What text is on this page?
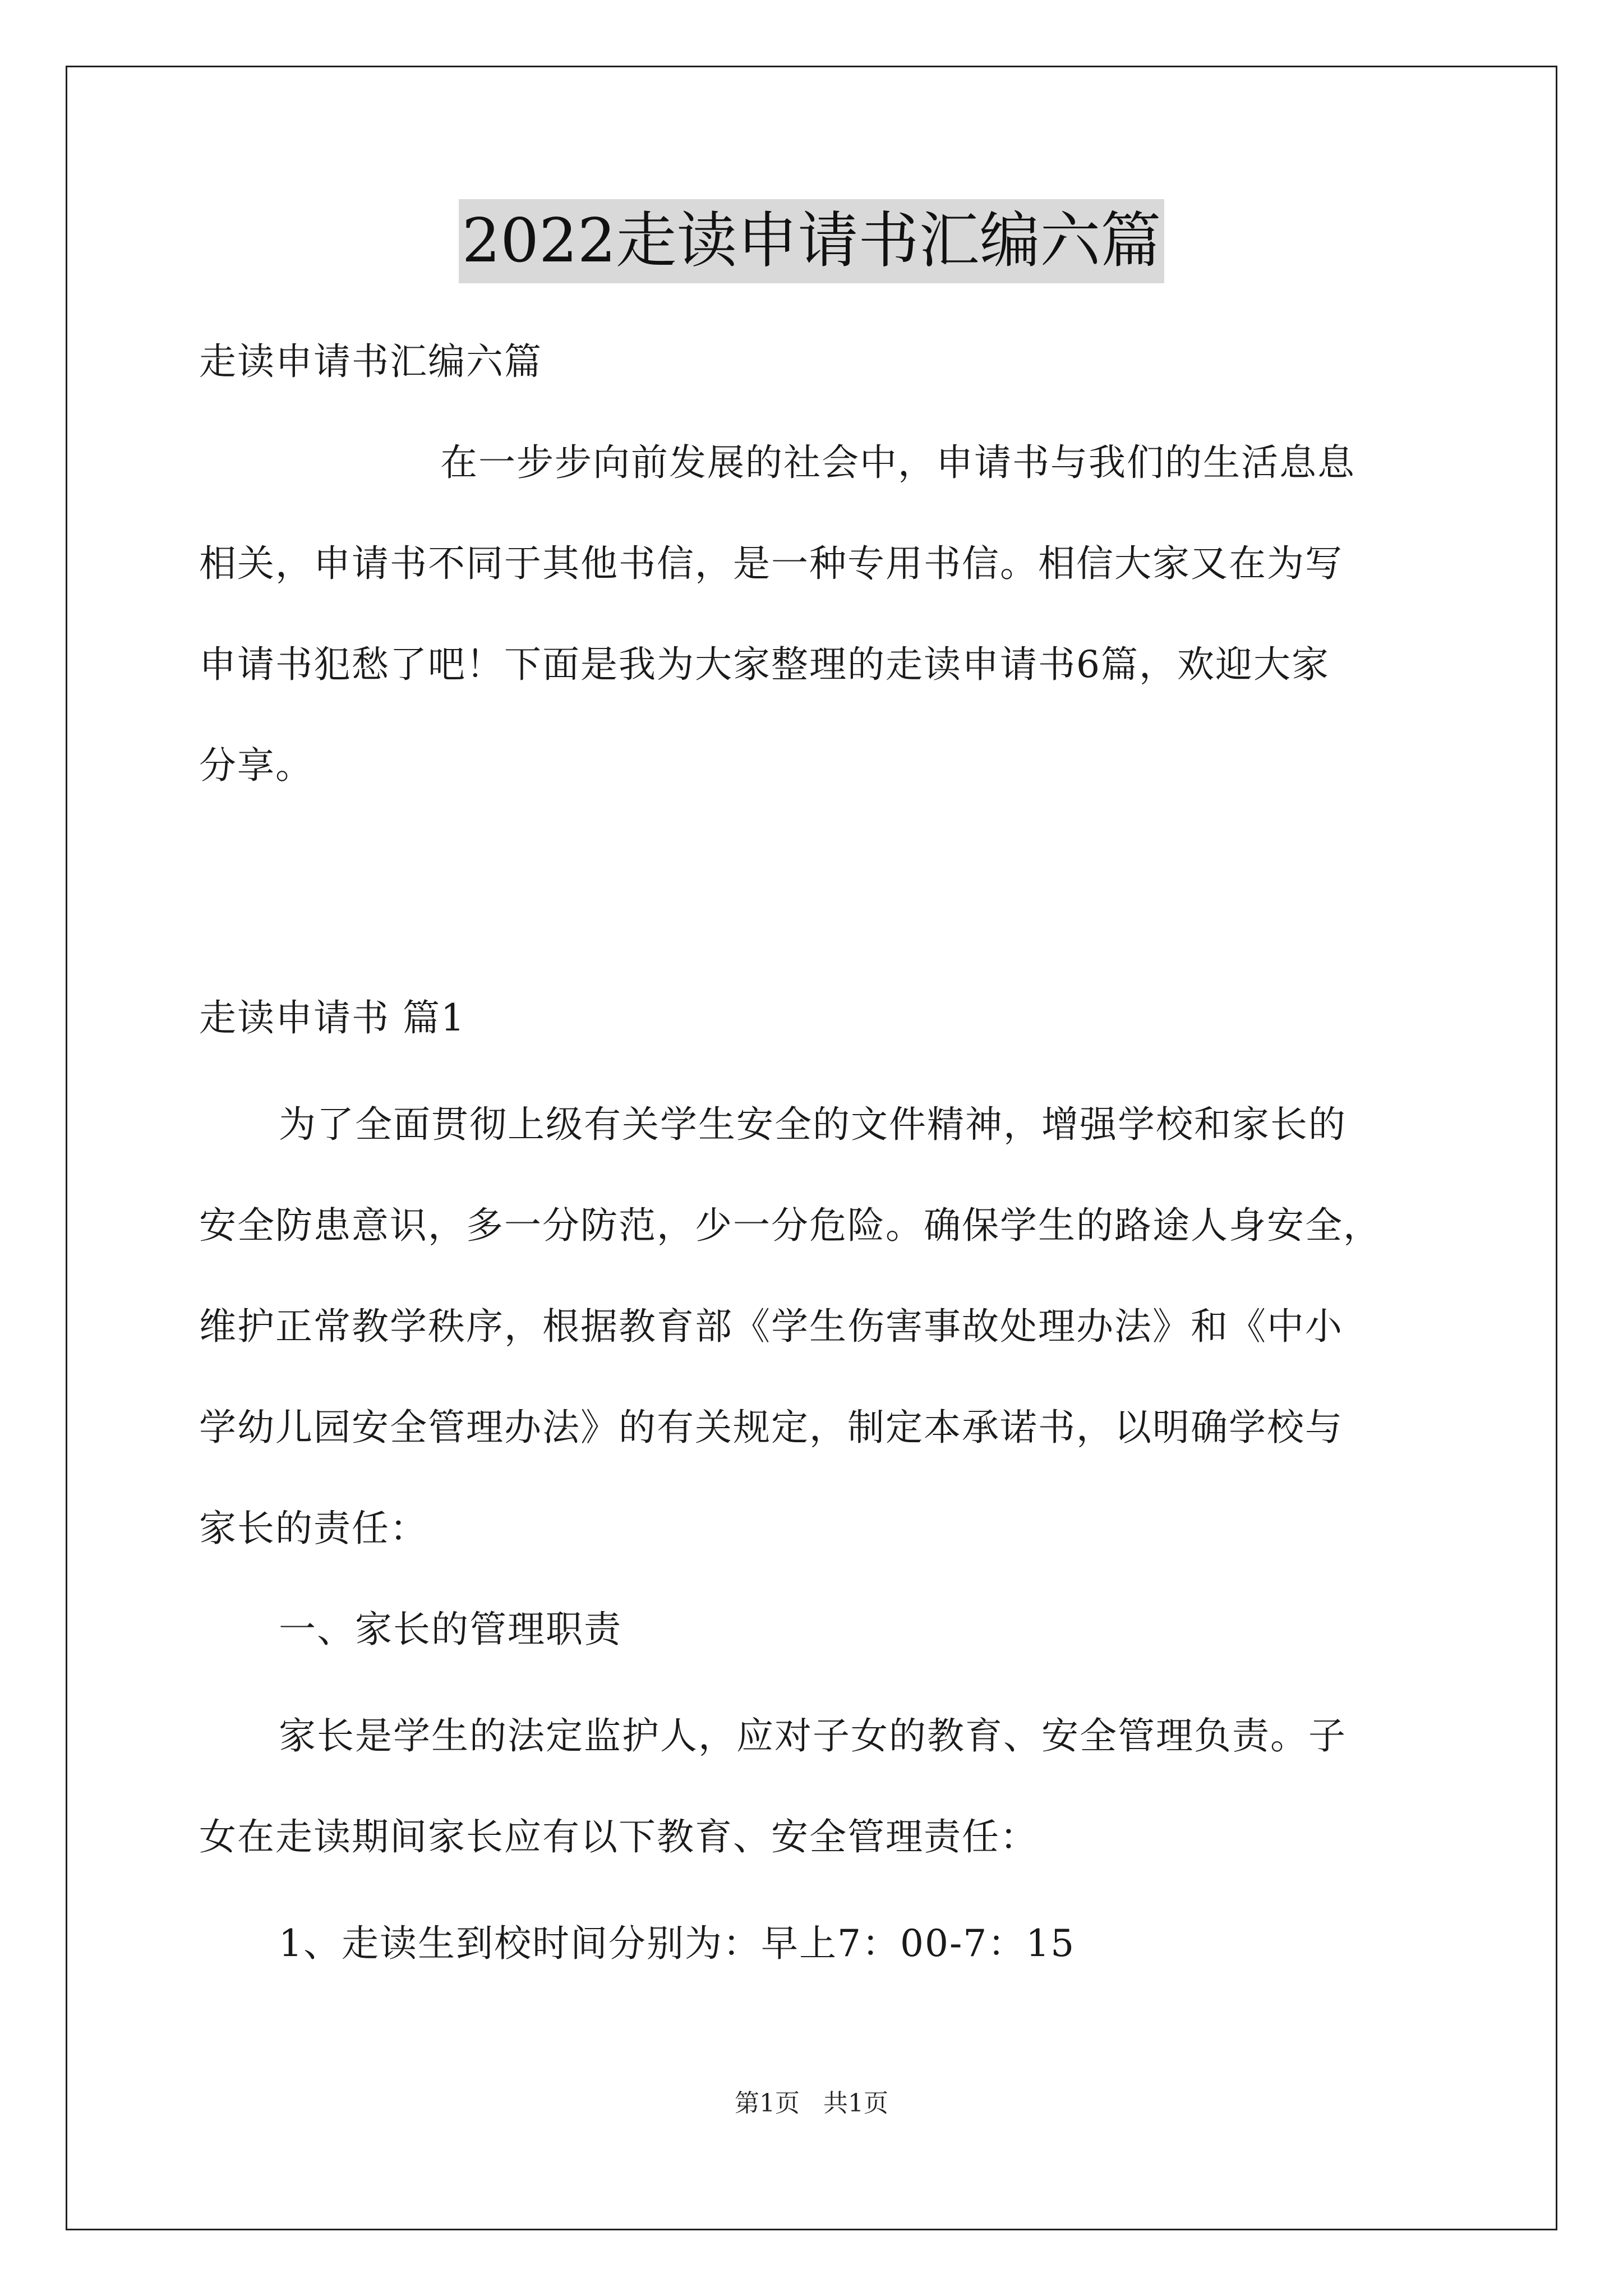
2022走读申请书汇编六篇
走读申请书汇编六篇
在一步步向前发展的社会中，申请书与我们的生活息息
相关，申请书不同于其他书信，是一种专用书信。相信大家又在为写
申请书犯愁了吧！下面是我为大家整理的走读申请书6篇，欢迎大家
分享。
走读申请书 篇1
为了全面贯彻上级有关学生安全的文件精神，增强学校和家长的
安全防患意识，多一分防范，少一分危险。确保学生的路途人身安全，
维护正常教学秩序，根据教育部《学生伤害事故处理办法》和《中小
学幼儿园安全管理办法》的有关规定，制定本承诺书，以明确学校与
家长的责任：
一、家长的管理职责
家长是学生的法定监护人，应对子女的教育、安全管理负责。子
女在走读期间家长应有以下教育、安全管理责任：
1、走读生到校时间分别为：早上7：00-7：15
第1页 共1页
